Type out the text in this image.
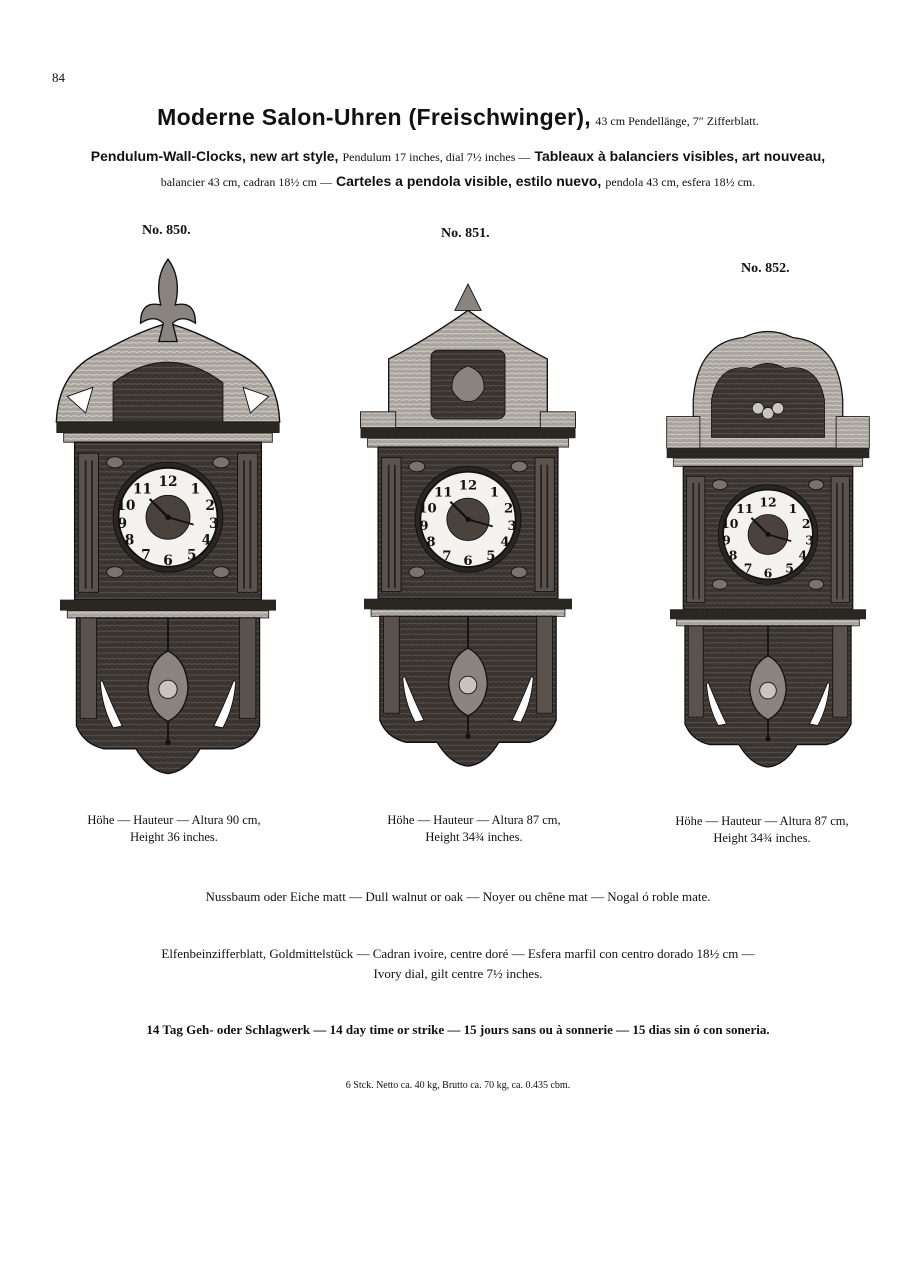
84
Moderne Salon-Uhren (Freischwinger), 43 cm Pendellänge, 7″ Zifferblatt.
Pendulum-Wall-Clocks, new art style, Pendulum 17 inches, dial 7½ inches — Tableaux à balanciers visibles, art nouveau,
balancier 43 cm, cadran 18½ cm — Carteles a pendola visible, estilo nuevo, pendola 43 cm, esfera 18½ cm.
No. 850.	No. 851.
No. 852.
Höhe — Hauteur — Altura 90 cm,
Height 36 inches.
Höhe — Hauteur — Altura 87 cm,
Height 34¾ inches.
Höhe — Hauteur — Altura 87 cm,
Height 34¾ inches.
Nussbaum oder Eiche matt — Dull walnut or oak — Noyer ou chêne mat — Nogal ó roble mate.
Elfenbeinzifferblatt, Goldmittelstück — Cadran ivoire, centre doré — Esfera marfil con centro dorado 18½ cm —
Ivory dial, gilt centre 7½ inches.
14 Tag Geh- oder Schlagwerk — 14 day time or strike — 15 jours sans ou à sonnerie — 15 dias sin ó con soneria.
6 Stck. Netto ca. 40 kg, Brutto ca. 70 kg, ca. 0.435 cbm.
